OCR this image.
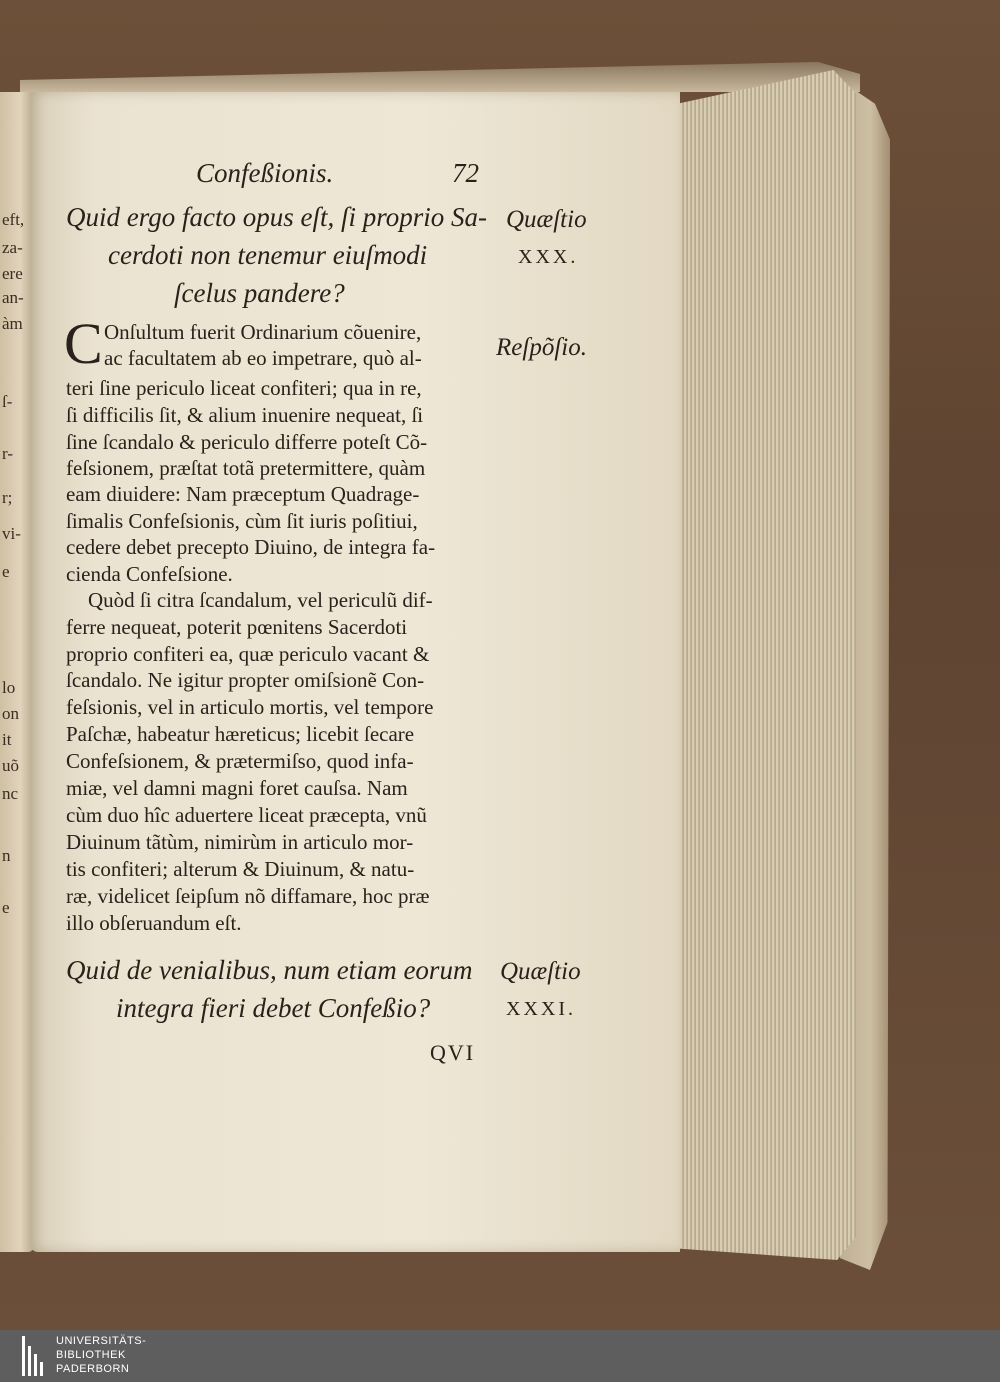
eft,
za-
ere
an-
àm
ſ-
r-
r;
vi-
e
lo
on
it
uõ
nc
n
e
Confeßionis.	72
Quid ergo facto opus eſt, ſi proprio Sa-
cerdoti non tenemur eiuſmodi
ſcelus pandere?
Quæſtio
XXX.
Reſpõſio.
C Onſultum fuerit Ordinarium cõuenire,
ac facultatem ab eo impetrare, quò al-
teri ſine periculo liceat confiteri; qua in re,
ſi difficilis ſit, & alium inuenire nequeat, ſi
ſine ſcandalo & periculo differre poteſt Cõ-
feſsionem, præſtat totã pretermittere, quàm
eam diuidere: Nam præceptum Quadrage-
ſimalis Confeſsionis, cùm ſit iuris poſitiui,
cedere debet precepto Diuino, de integra fa-
cienda Confeſsione.
Quòd ſi citra ſcandalum, vel periculũ dif-
ferre nequeat, poterit pœnitens Sacerdoti
proprio confiteri ea, quæ periculo vacant &
ſcandalo. Ne igitur propter omiſsionẽ Con-
feſsionis, vel in articulo mortis, vel tempore
Paſchæ, habeatur hæreticus; licebit ſecare
Confeſsionem, & prætermiſso, quod infa-
miæ, vel damni magni foret cauſsa. Nam
cùm duo hîc aduertere liceat præcepta, vnũ
Diuinum tãtùm, nimirùm in articulo mor-
tis confiteri; alterum & Diuinum, & natu-
ræ, videlicet ſeipſum nõ diffamare, hoc præ
illo obſeruandum eſt.
Quid de venialibus, num etiam eorum
integra fieri debet Confeßio?
Quæſtio
XXXI.
QVI
UNIVERSITÄTS-
BIBLIOTHEK
PADERBORN
